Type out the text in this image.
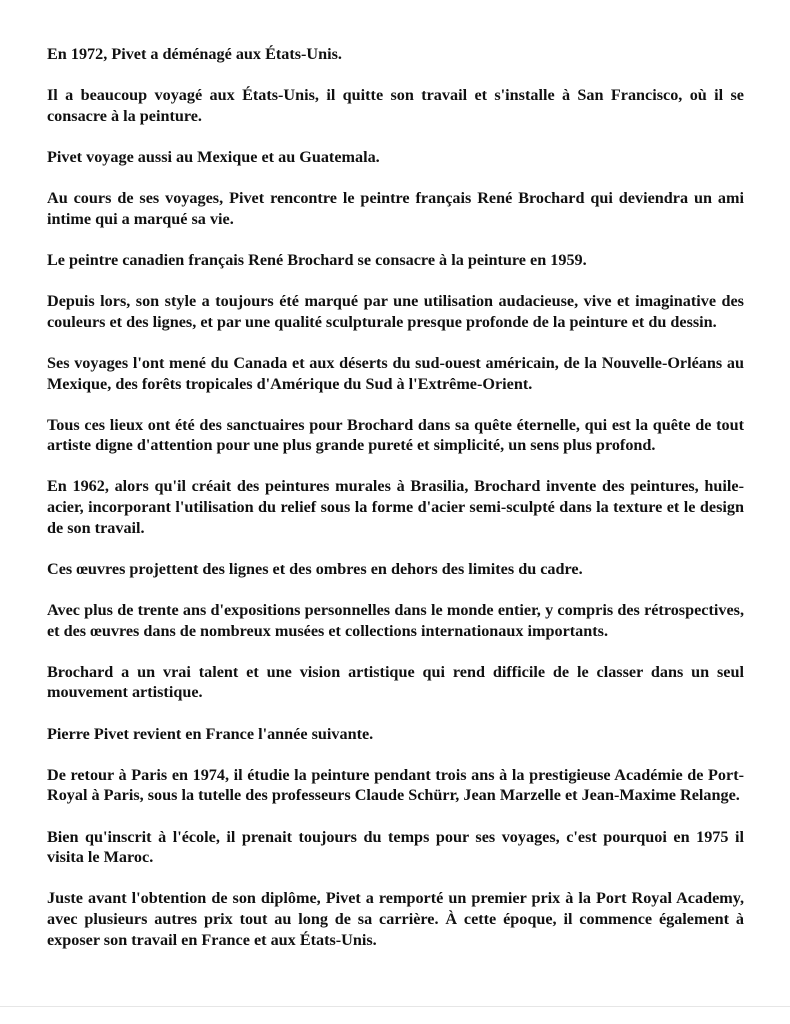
En 1972, Pivet a déménagé aux États-Unis.

Il a beaucoup voyagé aux États-Unis, il quitte son travail et s'installe à San Francisco, où il se consacre à la peinture.

Pivet voyage aussi au Mexique et au Guatemala.

Au cours de ses voyages, Pivet rencontre le peintre français René Brochard qui deviendra un ami intime qui a marqué sa vie.

Le peintre canadien français René Brochard se consacre à la peinture en 1959.

Depuis lors, son style a toujours été marqué par une utilisation audacieuse, vive et imaginative des couleurs et des lignes, et par une qualité sculpturale presque profonde de la peinture et du dessin.

Ses voyages l'ont mené du Canada et aux déserts du sud-ouest américain, de la Nouvelle-Orléans au Mexique, des forêts tropicales d'Amérique du Sud à l'Extrême-Orient.

Tous ces lieux ont été des sanctuaires pour Brochard dans sa quête éternelle, qui est la quête de tout artiste digne d'attention pour une plus grande pureté et simplicité, un sens plus profond.

En 1962, alors qu'il créait des peintures murales à Brasilia, Brochard invente des peintures, huile-acier, incorporant l'utilisation du relief sous la forme d'acier semi-sculpté dans la texture et le design de son travail.

Ces œuvres projettent des lignes et des ombres en dehors des limites du cadre.

Avec plus de trente ans d'expositions personnelles dans le monde entier, y compris des rétrospectives, et des œuvres dans de nombreux musées et collections internationaux importants.

Brochard a un vrai talent et une vision artistique qui rend difficile de le classer dans un seul mouvement artistique.

Pierre Pivet revient en France l'année suivante.

De retour à Paris en 1974, il étudie la peinture pendant trois ans à la prestigieuse Académie de Port-Royal à Paris, sous la tutelle des professeurs Claude Schürr, Jean Marzelle et Jean-Maxime Relange.

Bien qu'inscrit à l'école, il prenait toujours du temps pour ses voyages, c'est pourquoi en 1975 il visita le Maroc.

Juste avant l'obtention de son diplôme, Pivet a remporté un premier prix à la Port Royal Academy, avec plusieurs autres prix tout au long de sa carrière. À cette époque, il commence également à exposer son travail en France et aux États-Unis.
